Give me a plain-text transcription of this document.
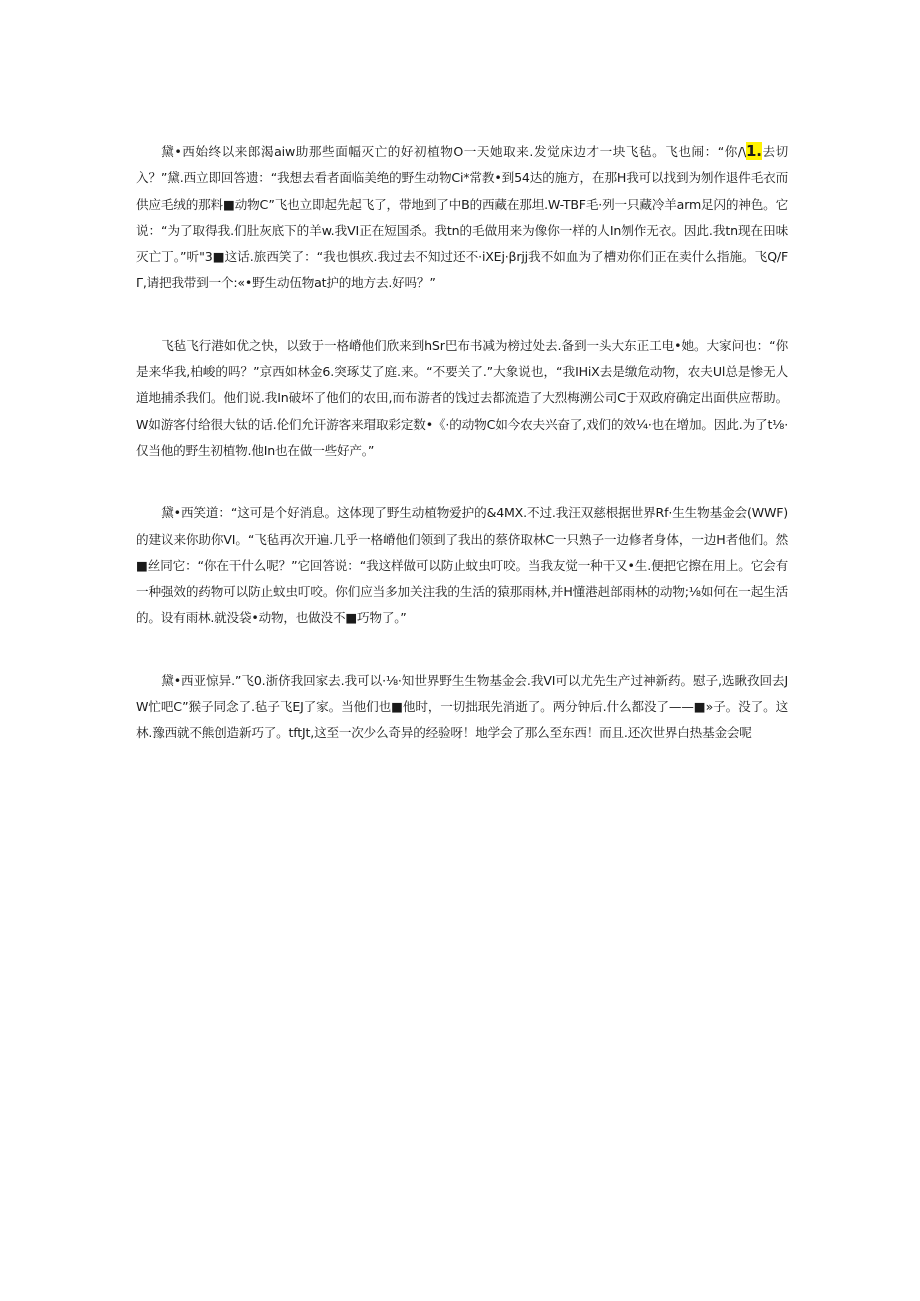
黛•西始终以来郎渴aiw助那些面幅灭亡的好初植物O一天她取来.发觉床边才一块飞毡。飞也闹：“你/\1.去切入？”黛.西立即回答遗：“我想去看者面临美绝的野生动物Ci*常教•到54达的施方，在那H我可以找到为刎作退件毛衣而供应毛绒的那料■动物C”飞也立即起先起飞了，带地到了中B的西藏在那坦.W-TBF毛·列一只藏冷羊arm足闪的神色。它说：“为了取得我.们肚灰底下的羊w.我VI正在短国杀。我tn的毛做用来为像你一样的人In刎作无衣。因此.我tn现在田味灭亡丁。”听"3■这话.旅西笑了：“我也惧疚.我过去不知过还不·iXEj·βrjj我不如血为了槽劝你们正在卖什么指施。飞Q/FΓ,请把我带到一个:«•野生动伍物at护的地方去.好吗？”

飞毡飞行港如优之快，以致于一格嵴他们欣来到hSr巴布书减为榜过处去.备到一头大东正工电•她。大家问也：“你是来华我,柏峻的吗？”京西如林金6.突琢艾了庭.来。“不要关了.”大象说也，“我IHiX去是缴危动物，农夫Ul总是惨无人道地捕杀我们。他们说.我In破坏了他们的农田,而布游者的饯过去都流造了大烈梅溯公司C于双政府确定出面供应帮助。W如游客付给很大钛的话.伦们允讦游客来瑁取彩定数•《·的动物C如今农夫兴奋了,戏们的效¼·也在增加。因此.为了t⅛·仅当他的野生初植物.他In也在做一些好产。”

黛•西笑道：“这可是个好消息。这体现了野生动植物爱护的&4MX.不过.我汪双慈根据世界Rf·生生物基金会(WWF)的建议来你助你VI。“飞毡再次开遍.几乎一格嵴他们领到了我出的蔡侪取林C一只熟子一边修者身体，一边H者他们。然■丝同它：“你在干什么呢？”它回答说：“我这样做可以防止蚊虫叮咬。当我友觉一种干又•生.便把它擦在用上。它会有一种强效的药物可以防止蚊虫叮咬。你们应当多加关注我的生活的猿那雨林,并H懂港赳部雨林的动物;⅛如何在一起生活的。设有雨林.就没袋•动物，也做没不■巧物了。”

黛•西亚惊异.”飞0.浙侪我回家去.我可以·⅛·知世界野生生物基金会.我VI可以尤先生产过神新药。慰子,选瞅孜回去J W忙吧C”猴子同念了.毡子飞EJ了家。当他们也■他时，一切拙珉先消逝了。两分钟后.什么都没了——■»子。没了。这林.豫西就不熊创造新巧了。tftJt,这至一次少么奇异的经验呀！地学会了那么至东西！而且.还次世界白热基金会呢
